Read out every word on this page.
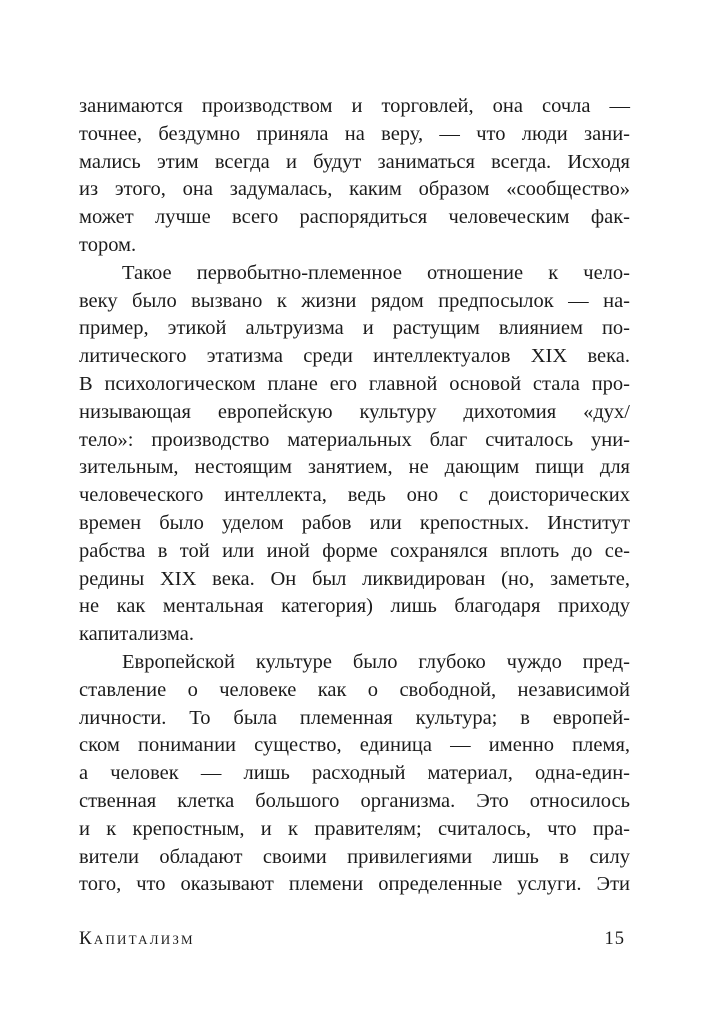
занимаются производством и торговлей, она сочла —
точнее, бездумно приняла на веру, — что люди зани-
мались этим всегда и будут заниматься всегда. Исходя
из этого, она задумалась, каким образом «сообщество»
может лучше всего распорядиться человеческим фак-
тором.
Такое первобытно-племенное отношение к чело-
веку было вызвано к жизни рядом предпосылок — на-
пример, этикой альтруизма и растущим влиянием по-
литического этатизма среди интеллектуалов XIX века.
В психологическом плане его главной основой стала про-
низывающая европейскую культуру дихотомия «дух/
тело»: производство материальных благ считалось уни-
зительным, нестоящим занятием, не дающим пищи для
человеческого интеллекта, ведь оно с доисторических
времен было уделом рабов или крепостных. Институт
рабства в той или иной форме сохранялся вплоть до се-
редины XIX века. Он был ликвидирован (но, заметьте,
не как ментальная категория) лишь благодаря приходу
капитализма.
Европейской культуре было глубоко чуждо пред-
ставление о человеке как о свободной, независимой
личности. То была племенная культура; в европей-
ском понимании существо, единица — именно племя,
а человек — лишь расходный материал, одна-един-
ственная клетка большого организма. Это относилось
и к крепостным, и к правителям; считалось, что пра-
вители обладают своими привилегиями лишь в силу
того, что оказывают племени определенные услуги. Эти
Капитализм	15
